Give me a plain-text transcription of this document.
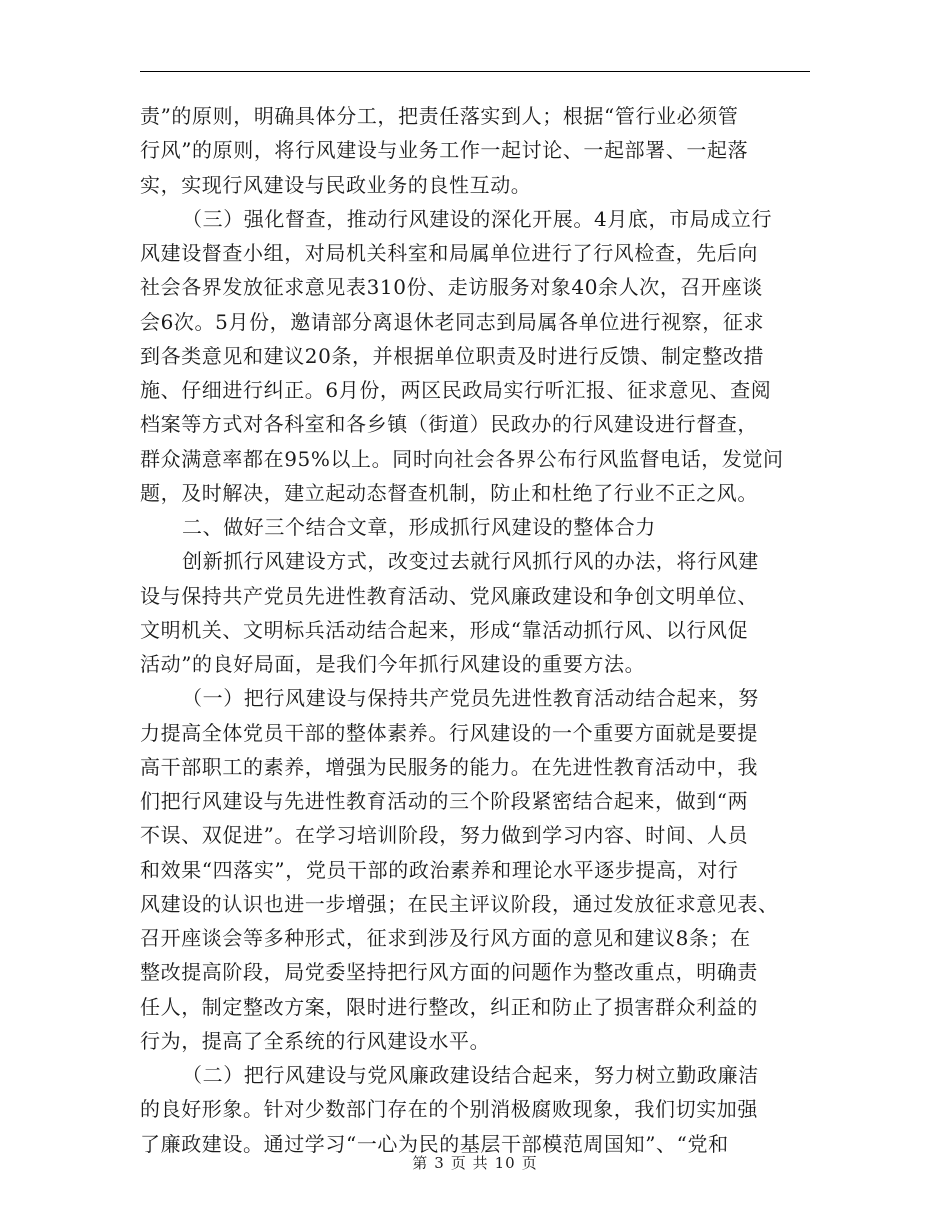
责”的原则，明确具体分工，把责任落实到人；根据“管行业必须管
行风”的原则，将行风建设与业务工作一起讨论、一起部署、一起落
实，实现行风建设与民政业务的良性互动。
（三）强化督查，推动行风建设的深化开展。4月底，市局成立行
风建设督查小组，对局机关科室和局属单位进行了行风检查，先后向
社会各界发放征求意见表310份、走访服务对象40余人次，召开座谈
会6次。5月份，邀请部分离退休老同志到局属各单位进行视察，征求
到各类意见和建议20条，并根据单位职责及时进行反馈、制定整改措
施、仔细进行纠正。6月份，两区民政局实行听汇报、征求意见、查阅
档案等方式对各科室和各乡镇（街道）民政办的行风建设进行督查，
群众满意率都在95%以上。同时向社会各界公布行风监督电话，发觉问
题，及时解决，建立起动态督查机制，防止和杜绝了行业不正之风。
二、做好三个结合文章，形成抓行风建设的整体合力
创新抓行风建设方式，改变过去就行风抓行风的办法，将行风建
设与保持共产党员先进性教育活动、党风廉政建设和争创文明单位、
文明机关、文明标兵活动结合起来，形成“靠活动抓行风、以行风促
活动”的良好局面，是我们今年抓行风建设的重要方法。
（一）把行风建设与保持共产党员先进性教育活动结合起来，努
力提高全体党员干部的整体素养。行风建设的一个重要方面就是要提
高干部职工的素养，增强为民服务的能力。在先进性教育活动中，我
们把行风建设与先进性教育活动的三个阶段紧密结合起来，做到“两
不误、双促进”。在学习培训阶段，努力做到学习内容、时间、人员
和效果“四落实”，党员干部的政治素养和理论水平逐步提高，对行
风建设的认识也进一步增强；在民主评议阶段，通过发放征求意见表、
召开座谈会等多种形式，征求到涉及行风方面的意见和建议8条；在
整改提高阶段，局党委坚持把行风方面的问题作为整改重点，明确责
任人，制定整改方案，限时进行整改，纠正和防止了损害群众利益的
行为，提高了全系统的行风建设水平。
（二）把行风建设与党风廉政建设结合起来，努力树立勤政廉洁
的良好形象。针对少数部门存在的个别消极腐败现象，我们切实加强
了廉政建设。通过学习“一心为民的基层干部模范周国知”、“党和
第 3 页 共 10 页
